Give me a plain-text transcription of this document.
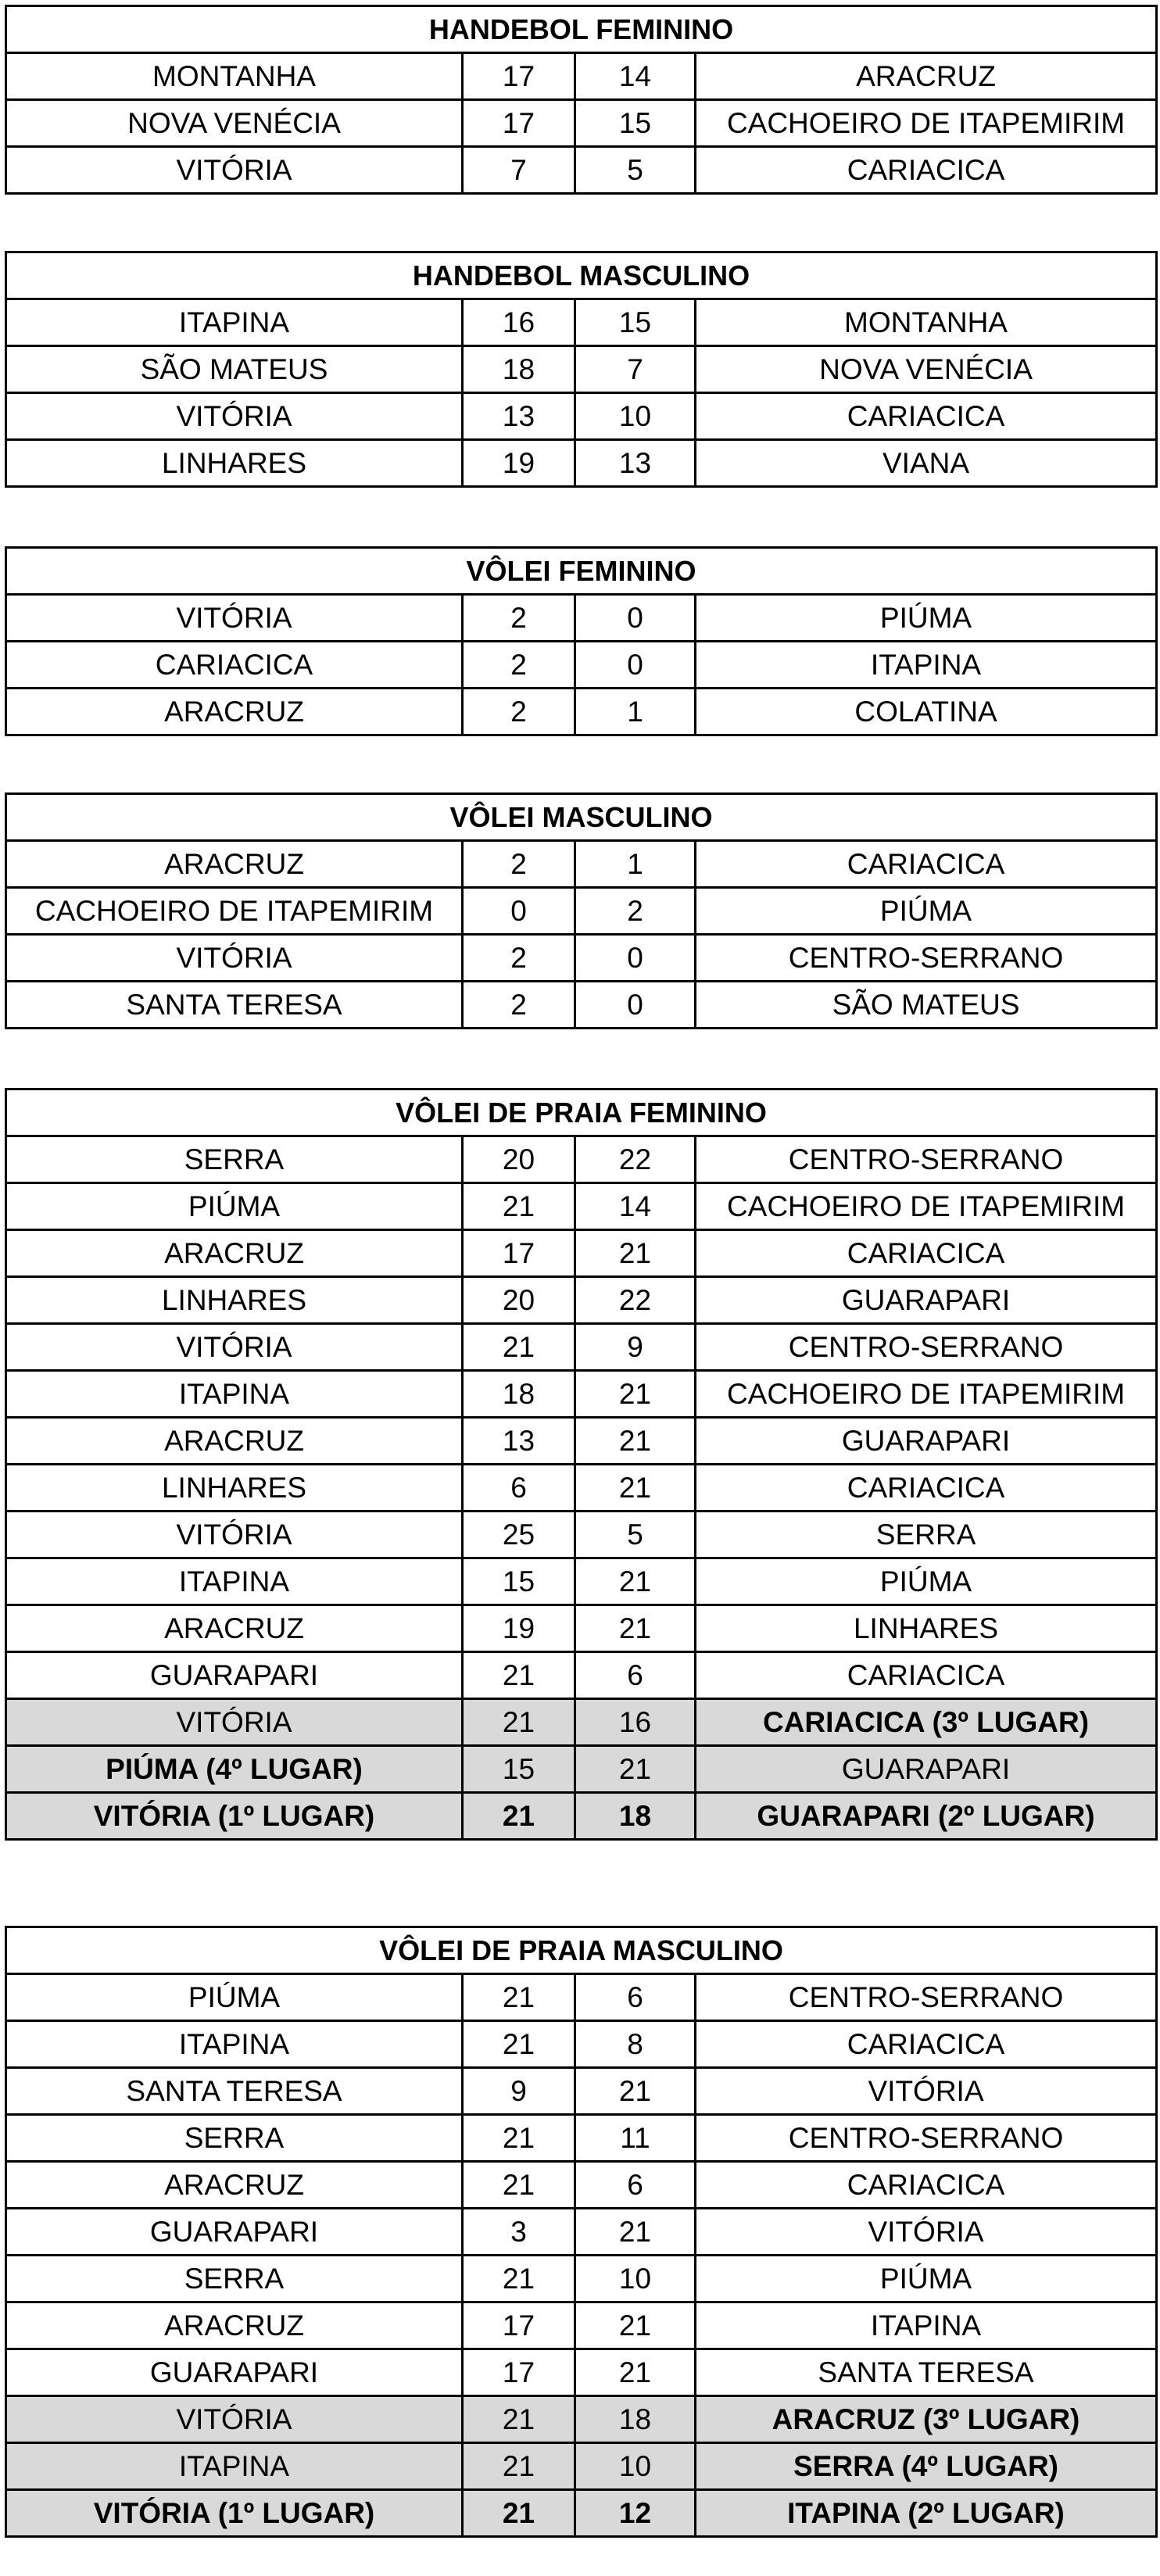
HANDEBOL FEMININO			
MONTANHA	17	14	ARACRUZ
NOVA VENÉCIA	17	15	CACHOEIRO DE ITAPEMIRIM
VITÓRIA	7	5	CARIACICA
HANDEBOL MASCULINO			
ITAPINA	16	15	MONTANHA
SÃO MATEUS	18	7	NOVA VENÉCIA
VITÓRIA	13	10	CARIACICA
LINHARES	19	13	VIANA
VÔLEI FEMININO			
VITÓRIA	2	0	PIÚMA
CARIACICA	2	0	ITAPINA
ARACRUZ	2	1	COLATINA
VÔLEI MASCULINO			
ARACRUZ	2	1	CARIACICA
CACHOEIRO DE ITAPEMIRIM	0	2	PIÚMA
VITÓRIA	2	0	CENTRO-SERRANO
SANTA TERESA	2	0	SÃO MATEUS
VÔLEI DE PRAIA FEMININO			
SERRA	20	22	CENTRO-SERRANO
PIÚMA	21	14	CACHOEIRO DE ITAPEMIRIM
ARACRUZ	17	21	CARIACICA
LINHARES	20	22	GUARAPARI
VITÓRIA	21	9	CENTRO-SERRANO
ITAPINA	18	21	CACHOEIRO DE ITAPEMIRIM
ARACRUZ	13	21	GUARAPARI
LINHARES	6	21	CARIACICA
VITÓRIA	25	5	SERRA
ITAPINA	15	21	PIÚMA
ARACRUZ	19	21	LINHARES
GUARAPARI	21	6	CARIACICA
VITÓRIA	21	16	CARIACICA (3º LUGAR)
PIÚMA (4º LUGAR)	15	21	GUARAPARI
VITÓRIA (1º LUGAR)	21	18	GUARAPARI (2º LUGAR)
VÔLEI DE PRAIA MASCULINO			
PIÚMA	21	6	CENTRO-SERRANO
ITAPINA	21	8	CARIACICA
SANTA TERESA	9	21	VITÓRIA
SERRA	21	11	CENTRO-SERRANO
ARACRUZ	21	6	CARIACICA
GUARAPARI	3	21	VITÓRIA
SERRA	21	10	PIÚMA
ARACRUZ	17	21	ITAPINA
GUARAPARI	17	21	SANTA TERESA
VITÓRIA	21	18	ARACRUZ (3º LUGAR)
ITAPINA	21	10	SERRA (4º LUGAR)
VITÓRIA (1º LUGAR)	21	12	ITAPINA (2º LUGAR)
